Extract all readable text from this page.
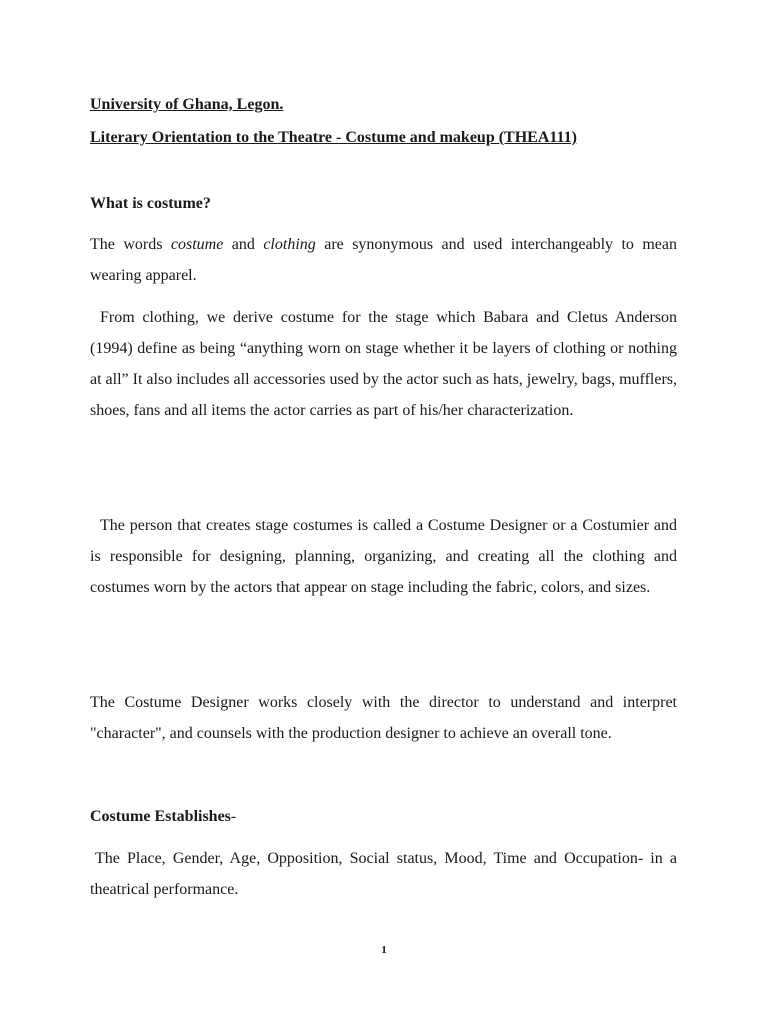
University of Ghana, Legon.
Literary Orientation to the Theatre - Costume and makeup (THEA111)
What is costume?
The words costume and clothing are synonymous and used interchangeably to mean wearing apparel.
From clothing, we derive costume for the stage which Babara and Cletus Anderson (1994) define as being “anything worn on stage whether it be layers of clothing or nothing at all” It also includes all accessories used by the actor such as hats, jewelry, bags, mufflers, shoes, fans and all items the actor carries as part of his/her characterization.
The person that creates stage costumes is called a Costume Designer or a Costumier and is responsible for designing, planning, organizing, and creating all the clothing and costumes worn by the actors that appear on stage including the fabric, colors, and sizes.
The Costume Designer works closely with the director to understand and interpret "character", and counsels with the production designer to achieve an overall tone.
Costume Establishes-
The Place, Gender, Age, Opposition, Social status, Mood, Time and Occupation- in a theatrical performance.
1
